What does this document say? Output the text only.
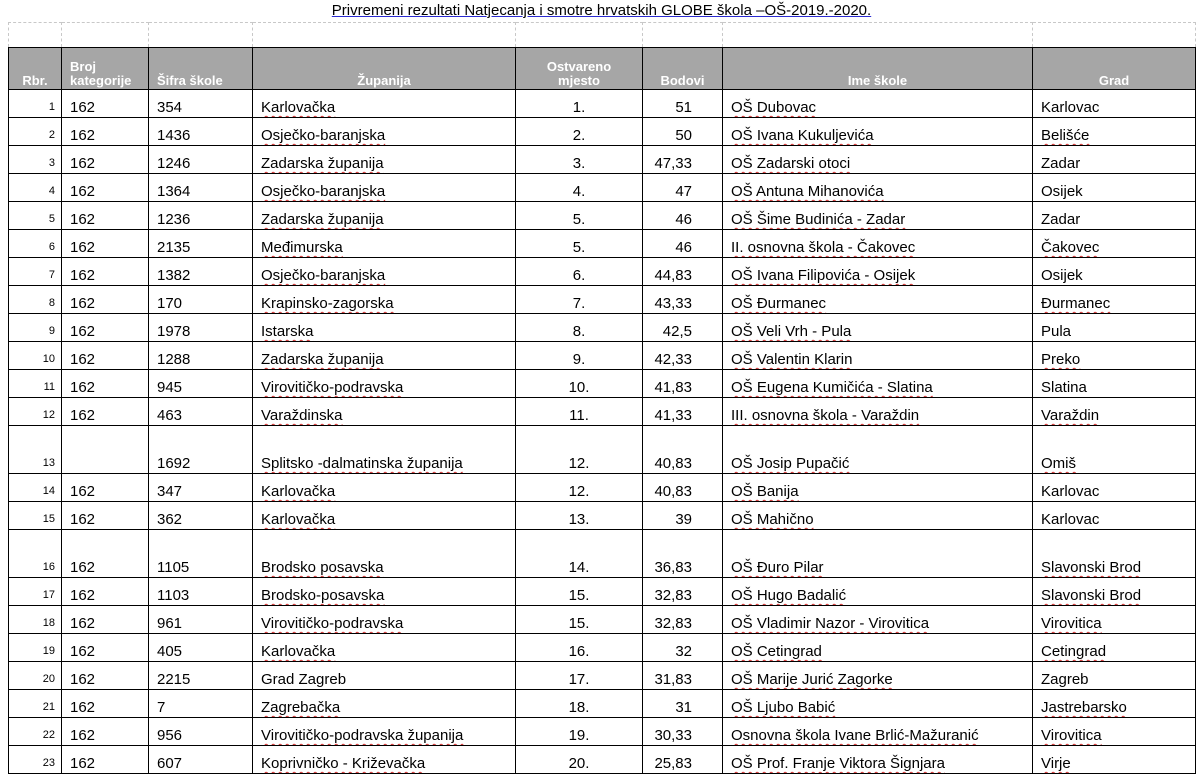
Privremeni rezultati Natjecanja i smotre hrvatskih GLOBE škola –OŠ-2019.-2020.

Rbr.	Broj kategorije	Šifra škole	Županija	Ostvareno mjesto	Bodovi	Ime škole	Grad
1	162	354	Karlovačka	1.	51	OŠ Dubovac	Karlovac
2	162	1436	Osječko-baranjska	2.	50	OŠ Ivana Kukuljevića	Belišće
3	162	1246	Zadarska županija	3.	47,33	OŠ Zadarski otoci	Zadar
4	162	1364	Osječko-baranjska	4.	47	OŠ Antuna Mihanovića	Osijek
5	162	1236	Zadarska županija	5.	46	OŠ Šime Budinića - Zadar	Zadar
6	162	2135	Međimurska	5.	46	II. osnovna škola - Čakovec	Čakovec
7	162	1382	Osječko-baranjska	6.	44,83	OŠ Ivana Filipovića - Osijek	Osijek
8	162	170	Krapinsko-zagorska	7.	43,33	OŠ Đurmanec	Đurmanec
9	162	1978	Istarska	8.	42,5	OŠ Veli Vrh - Pula	Pula
10	162	1288	Zadarska županija	9.	42,33	OŠ Valentin Klarin	Preko
11	162	945	Virovitičko-podravska	10.	41,83	OŠ Eugena Kumičića - Slatina	Slatina
12	162	463	Varaždinska	11.	41,33	III. osnovna škola - Varaždin	Varaždin
13		1692	Splitsko -dalmatinska županija	12.	40,83	OŠ Josip Pupačić	Omiš
14	162	347	Karlovačka	12.	40,83	OŠ Banija	Karlovac
15	162	362	Karlovačka	13.	39	OŠ Mahično	Karlovac
16	162	1105	Brodsko posavska	14.	36,83	OŠ Đuro Pilar	Slavonski Brod
17	162	1103	Brodsko-posavska	15.	32,83	OŠ Hugo Badalić	Slavonski Brod
18	162	961	Virovitičko-podravska	15.	32,83	OŠ Vladimir Nazor - Virovitica	Virovitica
19	162	405	Karlovačka	16.	32	OŠ Cetingrad	Cetingrad
20	162	2215	Grad Zagreb	17.	31,83	OŠ Marije Jurić Zagorke	Zagreb
21	162	7	Zagrebačka	18.	31	OŠ Ljubo Babić	Jastrebarsko
22	162	956	Virovitičko-podravska županija	19.	30,33	Osnovna škola Ivane Brlić-Mažuranić	Virovitica
23	162	607	Koprivničko - Križevačka	20.	25,83	OŠ Prof. Franje Viktora Šignjara	Virje
